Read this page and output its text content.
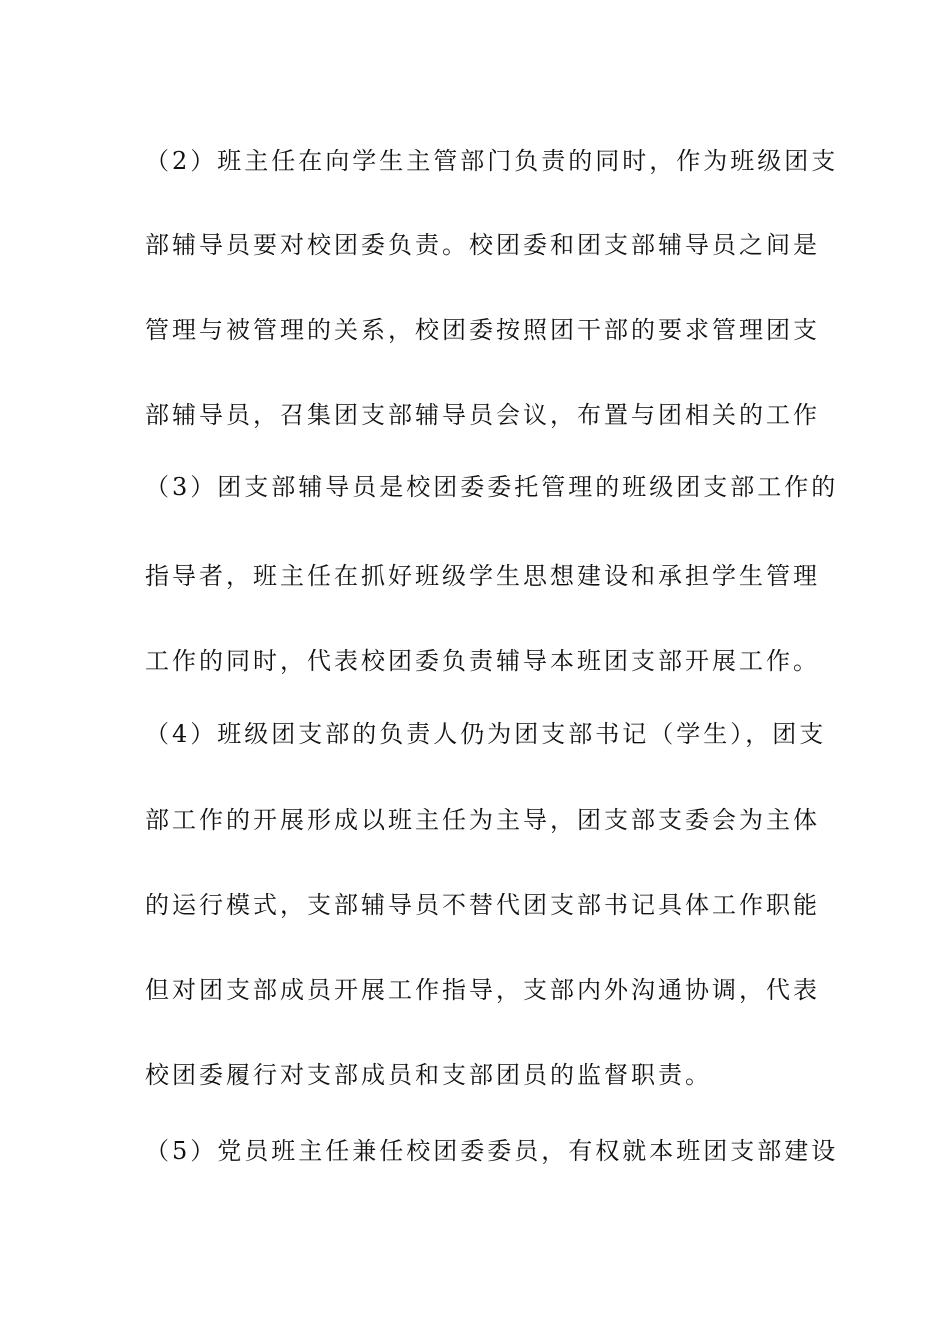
（2）班主任在向学生主管部门负责的同时，作为班级团支
部辅导员要对校团委负责。校团委和团支部辅导员之间是
管理与被管理的关系，校团委按照团干部的要求管理团支
部辅导员，召集团支部辅导员会议，布置与团相关的工作
（3）团支部辅导员是校团委委托管理的班级团支部工作的
指导者，班主任在抓好班级学生思想建设和承担学生管理
工作的同时，代表校团委负责辅导本班团支部开展工作。
（4）班级团支部的负责人仍为团支部书记（学生），团支
部工作的开展形成以班主任为主导，团支部支委会为主体
的运行模式，支部辅导员不替代团支部书记具体工作职能
但对团支部成员开展工作指导，支部内外沟通协调，代表
校团委履行对支部成员和支部团员的监督职责。
（5）党员班主任兼任校团委委员，有权就本班团支部建设
